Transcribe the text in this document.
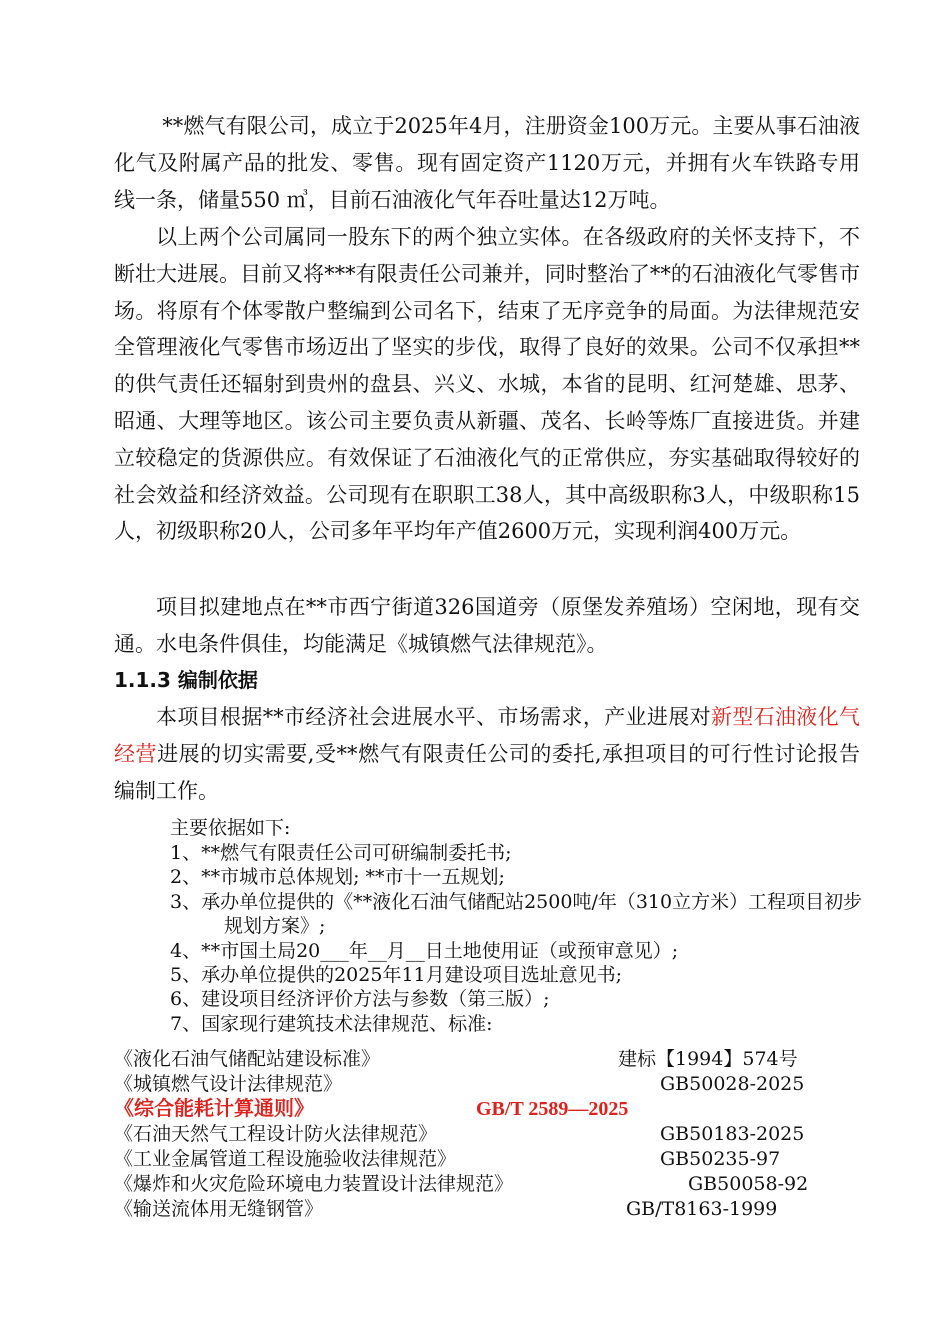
**燃气有限公司，成立于2025年4月，注册资金100万元。主要从事石油液化气及附属产品的批发、零售。现有固定资产1120万元，并拥有火车铁路专用线一条，储量550 ㎥，目前石油液化气年吞吐量达12万吨。

以上两个公司属同一股东下的两个独立实体。在各级政府的关怀支持下，不断壮大进展。目前又将***有限责任公司兼并，同时整治了**的石油液化气零售市场。将原有个体零散户整编到公司名下，结束了无序竞争的局面。为法律规范安全管理液化气零售市场迈出了坚实的步伐，取得了良好的效果。公司不仅承担**的供气责任还辐射到贵州的盘县、兴义、水城，本省的昆明、红河楚雄、思茅、昭通、大理等地区。该公司主要负责从新疆、茂名、长岭等炼厂直接进货。并建立较稳定的货源供应。有效保证了石油液化气的正常供应，夯实基础取得较好的社会效益和经济效益。公司现有在职职工38人，其中高级职称3人，中级职称15人，初级职称20人，公司多年平均年产值2600万元，实现利润400万元。

项目拟建地点在**市西宁街道326国道旁（原堡发养殖场）空闲地，现有交通。水电条件俱佳，均能满足《城镇燃气法律规范》。

1.1.3 编制依据

本项目根据**市经济社会进展水平、市场需求，产业进展对新型石油液化气经营进展的切实需要,受**燃气有限责任公司的委托,承担项目的可行性讨论报告编制工作。

主要依据如下:

1、**燃气有限责任公司可研编制委托书;
2、**市城市总体规划; **市十一五规划;
3、承办单位提供的《**液化石油气储配站2500吨/年（310立方米）工程项目初步规划方案》;
4、**市国土局20___年__月__日土地使用证（或预审意见）;
5、承办单位提供的2025年11月建设项目选址意见书;
6、建设项目经济评价方法与参数（第三版）;
7、国家现行建筑技术法律规范、标准:
《液化石油气储配站建设标准》	建标【1994】574号
《城镇燃气设计法律规范》	GB50028-2025
《综合能耗计算通则》	GB/T 2589—2025
《石油天然气工程设计防火法律规范》	GB50183-2025
《工业金属管道工程设施验收法律规范》	GB50235-97
《爆炸和火灾危险环境电力装置设计法律规范》	GB50058-92
《输送流体用无缝钢管》	GB/T8163-1999
